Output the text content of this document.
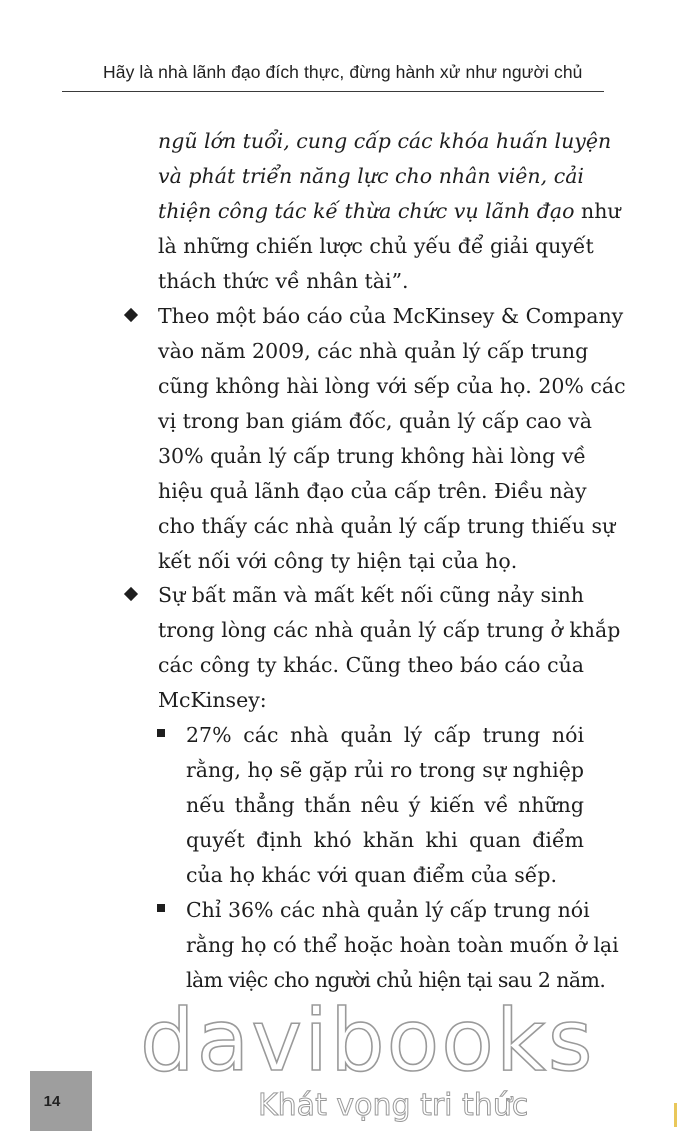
Hãy là nhà lãnh đạo đích thực, đừng hành xử như người chủ
ngũ lớn tuổi, cung cấp các khóa huấn luyện
và phát triển năng lực cho nhân viên, cải
thiện công tác kế thừa chức vụ lãnh đạo như
là những chiến lược chủ yếu để giải quyết
thách thức về nhân tài”.
Theo một báo cáo của McKinsey & Company
vào năm 2009, các nhà quản lý cấp trung
cũng không hài lòng với sếp của họ. 20% các
vị trong ban giám đốc, quản lý cấp cao và
30% quản lý cấp trung không hài lòng về
hiệu quả lãnh đạo của cấp trên. Điều này
cho thấy các nhà quản lý cấp trung thiếu sự
kết nối với công ty hiện tại của họ.
Sự bất mãn và mất kết nối cũng nảy sinh
trong lòng các nhà quản lý cấp trung ở khắp
các công ty khác. Cũng theo báo cáo của
McKinsey:
27% các nhà quản lý cấp trung nói
rằng, họ sẽ gặp rủi ro trong sự nghiệp
nếu thẳng thắn nêu ý kiến về những
quyết định khó khăn khi quan điểm
của họ khác với quan điểm của sếp.
Chỉ 36% các nhà quản lý cấp trung nói
rằng họ có thể hoặc hoàn toàn muốn ở lại
làm việc cho người chủ hiện tại sau 2 năm.
davibooks
Khát vọng tri thức
14
